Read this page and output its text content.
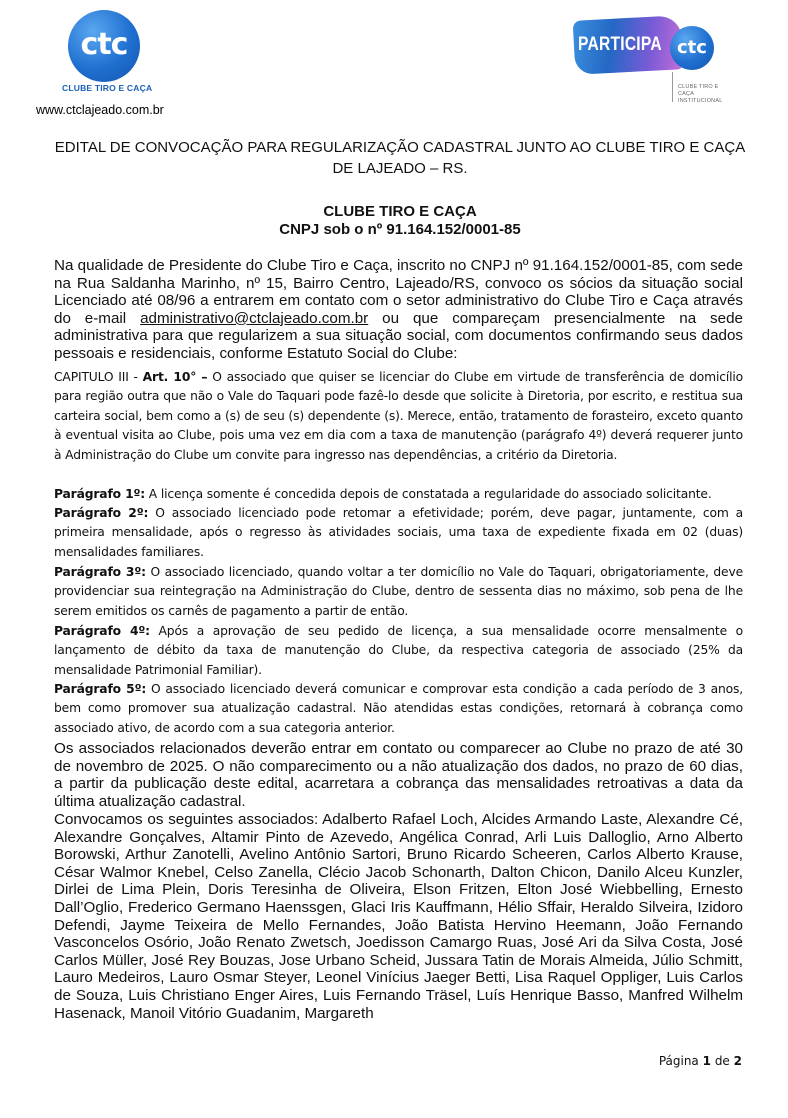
ctc
CLUBE TIRO E CAÇA
www.ctclajeado.com.br
PARTICIPA ctc
CLUBE TIRO E CAÇA
INSTITUCIONAL
EDITAL DE CONVOCAÇÃO PARA REGULARIZAÇÃO CADASTRAL JUNTO AO CLUBE TIRO E CAÇA DE LAJEADO – RS.
CLUBE TIRO E CAÇA
CNPJ sob o nº 91.164.152/0001-85

Na qualidade de Presidente do Clube Tiro e Caça, inscrito no CNPJ nº 91.164.152/0001-85, com sede na Rua Saldanha Marinho, nº 15, Bairro Centro, Lajeado/RS, convoco os sócios da situação social Licenciado até 08/96 a entrarem em contato com o setor administrativo do Clube Tiro e Caça através do e-mail administrativo@ctclajeado.com.br ou que compareçam presencialmente na sede administrativa para que regularizem a sua situação social, com documentos confirmando seus dados pessoais e residenciais, conforme Estatuto Social do Clube:

CAPITULO III - Art. 10° – O associado que quiser se licenciar do Clube em virtude de transferência de domicílio para região outra que não o Vale do Taquari pode fazê-lo desde que solicite à Diretoria, por escrito, e restitua sua carteira social, bem como a (s) de seu (s) dependente (s). Merece, então, tratamento de forasteiro, exceto quanto à eventual visita ao Clube, pois uma vez em dia com a taxa de manutenção (parágrafo 4º) deverá requerer junto à Administração do Clube um convite para ingresso nas dependências, a critério da Diretoria.

Parágrafo 1º: A licença somente é concedida depois de constatada a regularidade do associado solicitante.

Parágrafo 2º: O associado licenciado pode retomar a efetividade; porém, deve pagar, juntamente, com a primeira mensalidade, após o regresso às atividades sociais, uma taxa de expediente fixada em 02 (duas) mensalidades familiares.

Parágrafo 3º: O associado licenciado, quando voltar a ter domicílio no Vale do Taquari, obrigatoriamente, deve providenciar sua reintegração na Administração do Clube, dentro de sessenta dias no máximo, sob pena de lhe serem emitidos os carnês de pagamento a partir de então.

Parágrafo 4º: Após a aprovação de seu pedido de licença, a sua mensalidade ocorre mensalmente o lançamento de débito da taxa de manutenção do Clube, da respectiva categoria de associado (25% da mensalidade Patrimonial Familiar).

Parágrafo 5º: O associado licenciado deverá comunicar e comprovar esta condição a cada período de 3 anos, bem como promover sua atualização cadastral. Não atendidas estas condições, retornará à cobrança como associado ativo, de acordo com a sua categoria anterior.

Os associados relacionados deverão entrar em contato ou comparecer ao Clube no prazo de até 30 de novembro de 2025. O não comparecimento ou a não atualização dos dados, no prazo de 60 dias, a partir da publicação deste edital, acarretara a cobrança das mensalidades retroativas a data da última atualização cadastral.

Convocamos os seguintes associados: Adalberto Rafael Loch, Alcides Armando Laste, Alexandre Cé, Alexandre Gonçalves, Altamir Pinto de Azevedo, Angélica Conrad, Arli Luis Dalloglio, Arno Alberto Borowski, Arthur Zanotelli, Avelino Antônio Sartori, Bruno Ricardo Scheeren, Carlos Alberto Krause, César Walmor Knebel, Celso Zanella, Clécio Jacob Schonarth, Dalton Chicon, Danilo Alceu Kunzler, Dirlei de Lima Plein, Doris Teresinha de Oliveira, Elson Fritzen, Elton José Wiebbelling, Ernesto Dall’Oglio, Frederico Germano Haenssgen, Glaci Iris Kauffmann, Hélio Sffair, Heraldo Silveira, Izidoro Defendi, Jayme Teixeira de Mello Fernandes, João Batista Hervino Heemann, João Fernando Vasconcelos Osório, João Renato Zwetsch, Joedisson Camargo Ruas, José Ari da Silva Costa, José Carlos Müller, José Rey Bouzas, Jose Urbano Scheid, Jussara Tatin de Morais Almeida, Júlio Schmitt, Lauro Medeiros, Lauro Osmar Steyer, Leonel Vinícius Jaeger Betti, Lisa Raquel Oppliger, Luis Carlos de Souza, Luis Christiano Enger Aires, Luis Fernando Träsel, Luís Henrique Basso, Manfred Wilhelm Hasenack, Manoil Vitório Guadanim, Margareth

Página 1 de 2
